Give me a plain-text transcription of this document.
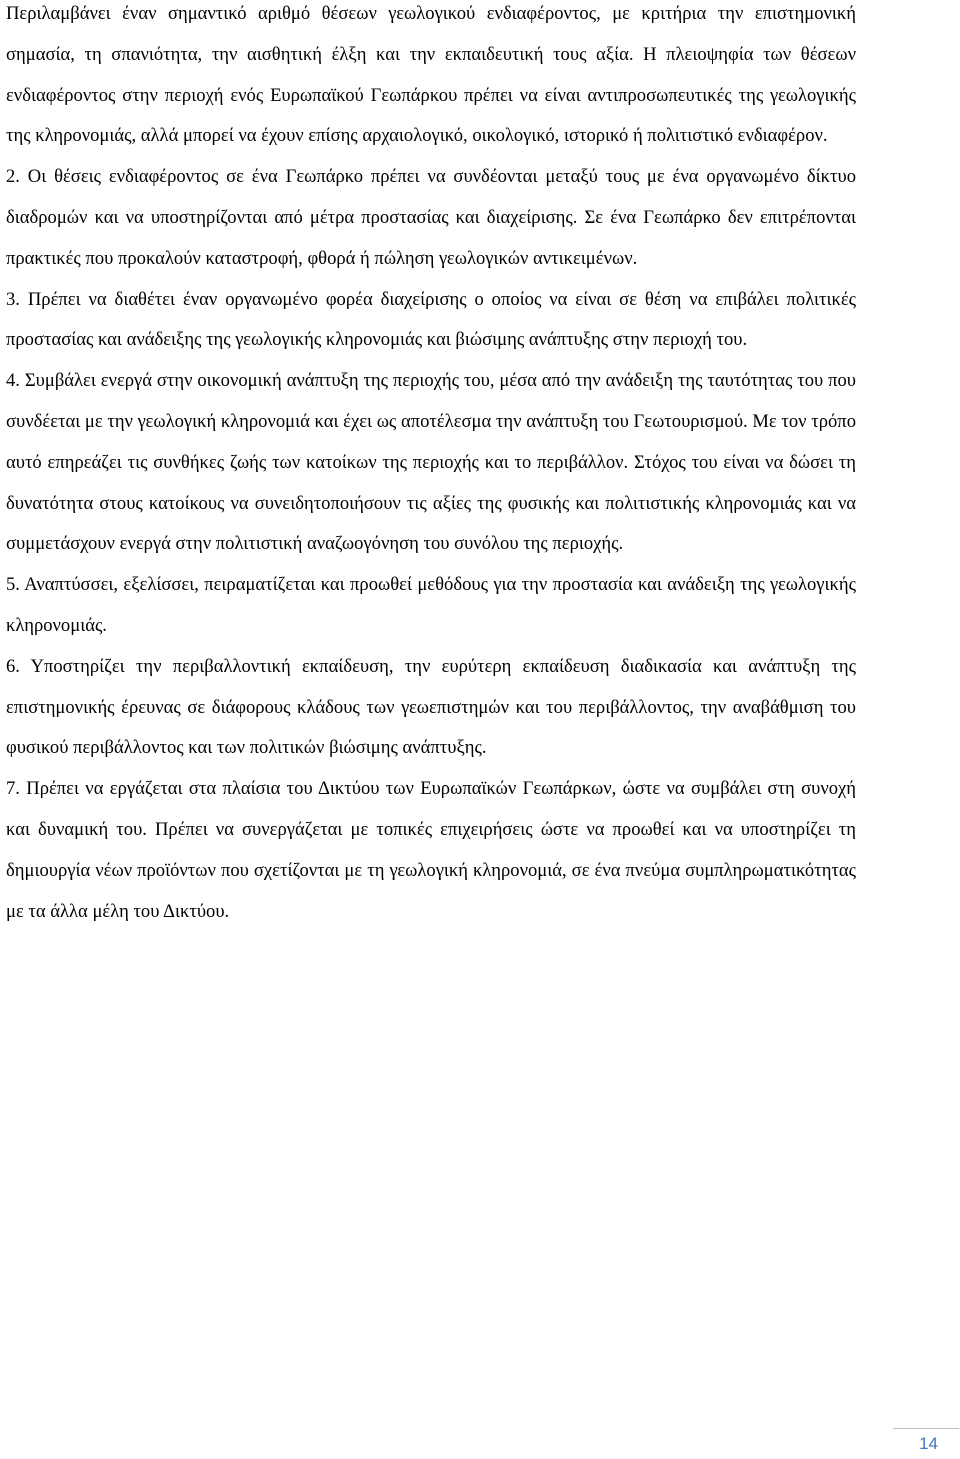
Περιλαμβάνει έναν σημαντικό αριθμό θέσεων γεωλογικού ενδιαφέροντος, με κριτήρια την επιστημονική σημασία, τη σπανιότητα, την αισθητική έλξη και την εκπαιδευτική τους αξία. Η πλειοψηφία των θέσεων ενδιαφέροντος στην περιοχή ενός Ευρωπαϊκού Γεωπάρκου πρέπει να είναι αντιπροσωπευτικές της γεωλογικής της κληρονομιάς, αλλά μπορεί να έχουν επίσης αρχαιολογικό, οικολογικό, ιστορικό ή πολιτιστικό ενδιαφέρον.

2. Οι θέσεις ενδιαφέροντος σε ένα Γεωπάρκο πρέπει να συνδέονται μεταξύ τους με ένα οργανωμένο δίκτυο διαδρομών και να υποστηρίζονται από μέτρα προστασίας και διαχείρισης. Σε ένα Γεωπάρκο δεν επιτρέπονται πρακτικές που προκαλούν καταστροφή, φθορά ή πώληση γεωλογικών αντικειμένων.

3. Πρέπει να διαθέτει έναν οργανωμένο φορέα διαχείρισης ο οποίος να είναι σε θέση να επιβάλει πολιτικές προστασίας και ανάδειξης της γεωλογικής κληρονομιάς και βιώσιμης ανάπτυξης στην περιοχή του.

4. Συμβάλει ενεργά στην οικονομική ανάπτυξη της περιοχής του, μέσα από την ανάδειξη της ταυτότητας του που συνδέεται με την γεωλογική κληρονομιά και έχει ως αποτέλεσμα την ανάπτυξη του Γεωτουρισμού. Με τον τρόπο αυτό επηρεάζει τις συνθήκες ζωής των κατοίκων της περιοχής και το περιβάλλον. Στόχος του είναι να δώσει τη δυνατότητα στους κατοίκους να συνειδητοποιήσουν τις αξίες της φυσικής και πολιτιστικής κληρονομιάς και να συμμετάσχουν ενεργά στην πολιτιστική αναζωογόνηση του συνόλου της περιοχής.

5. Αναπτύσσει, εξελίσσει, πειραματίζεται και προωθεί μεθόδους για την προστασία και ανάδειξη της γεωλογικής κληρονομιάς.

6. Υποστηρίζει την περιβαλλοντική εκπαίδευση, την ευρύτερη εκπαίδευση διαδικασία και ανάπτυξη της επιστημονικής έρευνας σε διάφορους κλάδους των γεωεπιστημών και του περιβάλλοντος, την αναβάθμιση του φυσικού περιβάλλοντος και των πολιτικών βιώσιμης ανάπτυξης.

7. Πρέπει να εργάζεται στα πλαίσια του Δικτύου των Ευρωπαϊκών Γεωπάρκων, ώστε να συμβάλει στη συνοχή και δυναμική του. Πρέπει να συνεργάζεται με τοπικές επιχειρήσεις ώστε να προωθεί και να υποστηρίζει τη δημιουργία νέων προϊόντων που σχετίζονται με τη γεωλογική κληρονομιά, σε ένα πνεύμα συμπληρωματικότητας με τα άλλα μέλη του Δικτύου.

14
